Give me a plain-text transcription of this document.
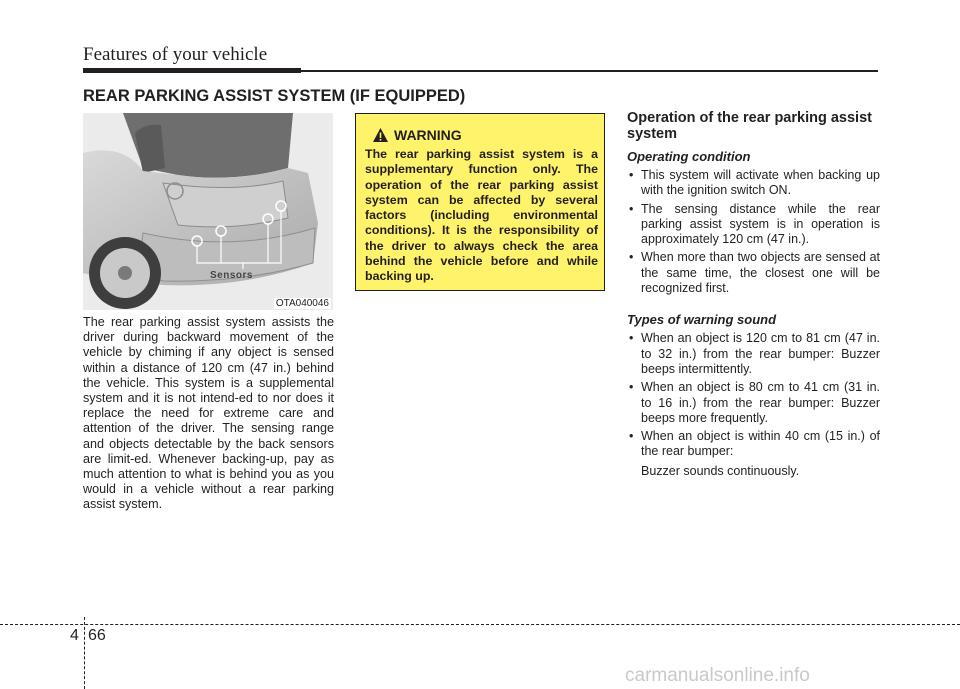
Features of your vehicle
REAR PARKING ASSIST SYSTEM (IF EQUIPPED)
Sensors
OTA040046

The rear parking assist system assists the driver during backward movement of the vehicle by chiming if any object is sensed within a distance of 120 cm (47 in.) behind the vehicle. This system is a supplemental system and it is not intend-ed to nor does it replace the need for extreme care and attention of the driver. The sensing range and objects detectable by the back sensors are limit-ed. Whenever backing-up, pay as much attention to what is behind you as you would in a vehicle without a rear parking assist system.

WARNING

The rear parking assist system is a supplementary function only. The operation of the rear parking assist system can be affected by several factors (including environmental conditions). It is the responsibility of the driver to always check the area behind the vehicle before and while backing up.

Operation of the rear parking assist system

Operating condition

• This system will activate when backing up with the ignition switch ON.
• The sensing distance while the rear parking assist system is in operation is approximately 120 cm (47 in.).
• When more than two objects are sensed at the same time, the closest one will be recognized first.

Types of warning sound

• When an object is 120 cm to 81 cm (47 in. to 32 in.) from the rear bumper: Buzzer beeps intermittently.
• When an object is 80 cm to 41 cm (31 in. to 16 in.) from the rear bumper: Buzzer beeps more frequently.
• When an object is within 40 cm (15 in.) of the rear bumper:
Buzzer sounds continuously.
4 66
carmanualsonline.info
